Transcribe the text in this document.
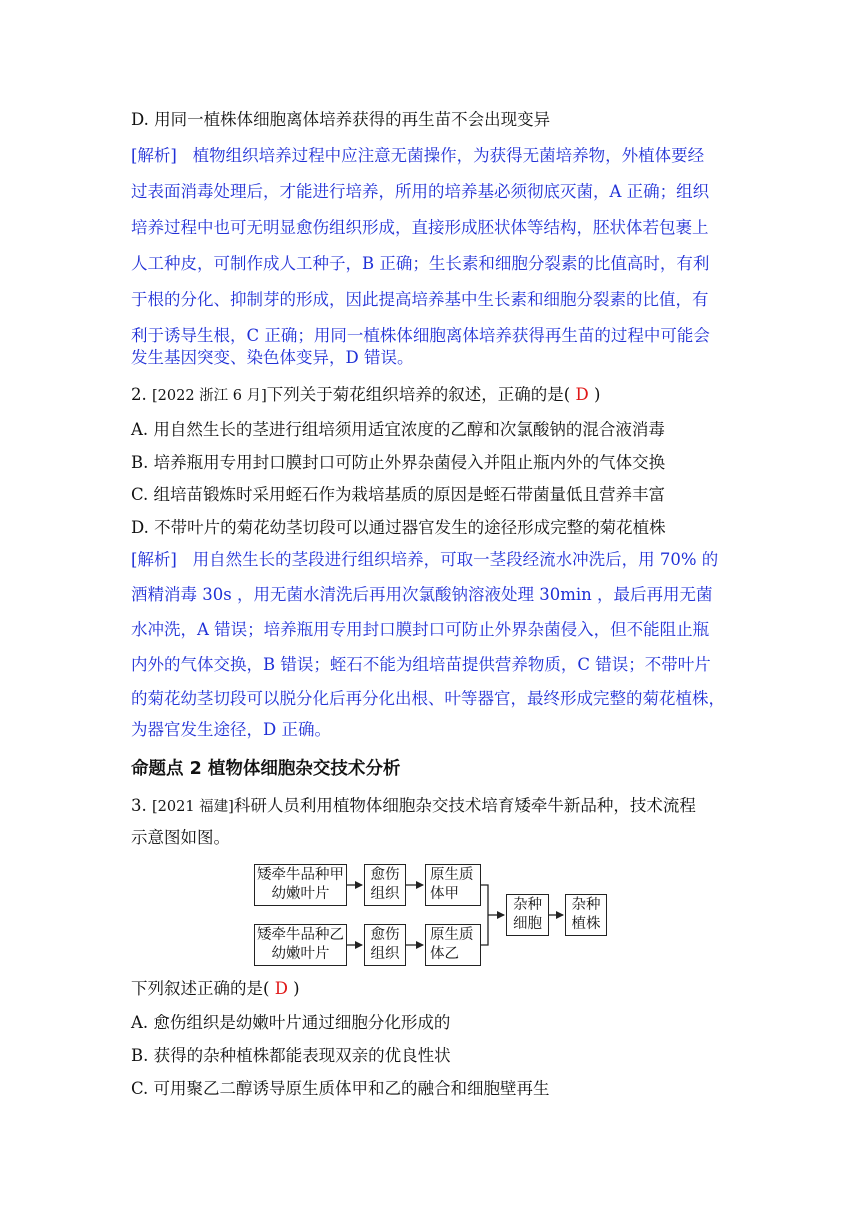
D. 用同一植株体细胞离体培养获得的再生苗不会出现变异
[解析] 植物组织培养过程中应注意无菌操作，为获得无菌培养物，外植体要经
过表面消毒处理后，才能进行培养，所用的培养基必须彻底灭菌，A 正确；组织
培养过程中也可无明显愈伤组织形成，直接形成胚状体等结构，胚状体若包裹上
人工种皮，可制作成人工种子，B 正确；生长素和细胞分裂素的比值高时，有利
于根的分化、抑制芽的形成，因此提高培养基中生长素和细胞分裂素的比值，有
利于诱导生根，C 正确；用同一植株体细胞离体培养获得再生苗的过程中可能会
发生基因突变、染色体变异，D 错误。
2. [2022 浙江 6 月]下列关于菊花组织培养的叙述，正确的是( D )
A. 用自然生长的茎进行组培须用适宜浓度的乙醇和次氯酸钠的混合液消毒
B. 培养瓶用专用封口膜封口可防止外界杂菌侵入并阻止瓶内外的气体交换
C. 组培苗锻炼时采用蛭石作为栽培基质的原因是蛭石带菌量低且营养丰富
D. 不带叶片的菊花幼茎切段可以通过器官发生的途径形成完整的菊花植株
[解析] 用自然生长的茎段进行组织培养，可取一茎段经流水冲洗后，用 70% 的
酒精消毒 30s ，用无菌水清洗后再用次氯酸钠溶液处理 30min ，最后再用无菌
水冲洗，A 错误；培养瓶用专用封口膜封口可防止外界杂菌侵入，但不能阻止瓶
内外的气体交换，B 错误；蛭石不能为组培苗提供营养物质，C 错误；不带叶片
的菊花幼茎切段可以脱分化后再分化出根、叶等器官，最终形成完整的菊花植株，
为器官发生途径，D 正确。
命题点 2 植物体细胞杂交技术分析
3. [2021 福建]科研人员利用植物体细胞杂交技术培育矮牵牛新品种，技术流程
示意图如图。
矮牵牛品种甲
幼嫩叶片
愈伤
组织
原生质
体甲
矮牵牛品种乙
幼嫩叶片
愈伤
组织
原生质
体乙
杂种
细胞
杂种
植株
下列叙述正确的是( D )
A. 愈伤组织是幼嫩叶片通过细胞分化形成的
B. 获得的杂种植株都能表现双亲的优良性状
C. 可用聚乙二醇诱导原生质体甲和乙的融合和细胞壁再生
